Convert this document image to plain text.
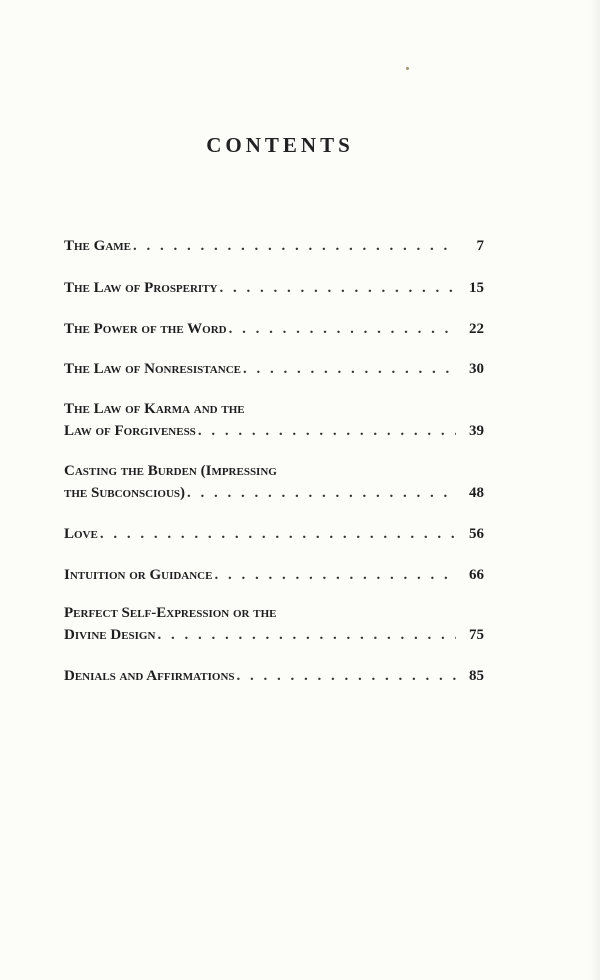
CONTENTS
The Game . . .	7
The Law of Prosperity . . .	15
The Power of the Word . . .	22
The Law of Nonresistance . . .	30
The Law of Karma and the
Law of Forgiveness . . .	39
Casting the Burden (Impressing
the Subconscious) . . .	48
Love . . .	56
Intuition or Guidance . . .	66
Perfect Self-Expression or the
Divine Design . . .	75
Denials and Affirmations . . .	85
